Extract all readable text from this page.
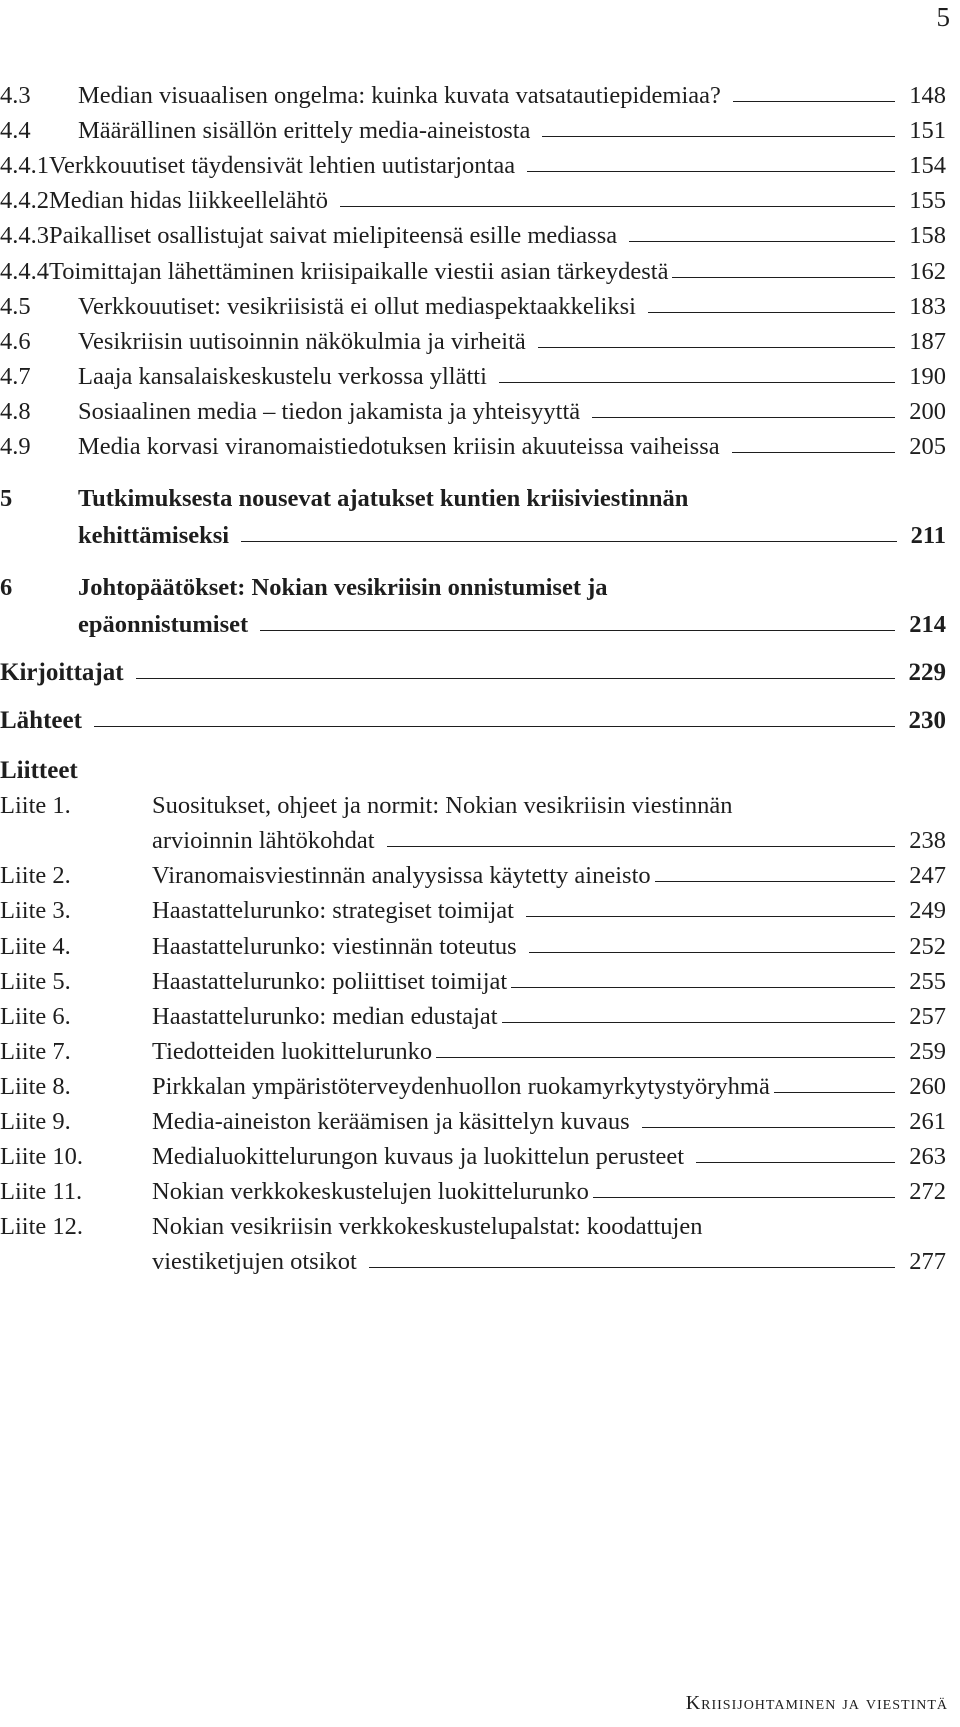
5
4.3	Median visuaalisen ongelma: kuinka kuvata vatsatautiepidemiaa?	148
4.4	Määrällinen sisällön erittely media-aineistosta	151
4.4.1 Verkkouutiset täydensivät lehtien uutistarjontaa	154
4.4.2 Median hidas liikkeellelähtö	155
4.4.3 Paikalliset osallistujat saivat mielipiteensä esille mediassa	158
4.4.4 Toimittajan lähettäminen kriisipaikalle viestii asian tärkeydestä	162
4.5	Verkkouutiset: vesikriisistä ei ollut mediaspektaakkeliksi	183
4.6	Vesikriisin uutisoinnin näkökulmia ja virheitä	187
4.7	Laaja kansalaiskeskustelu verkossa yllätti	190
4.8	Sosiaalinen media – tiedon jakamista ja yhteisyyttä	200
4.9	Media korvasi viranomaistiedotuksen kriisin akuuteissa vaiheissa	205
5	Tutkimuksesta nousevat ajatukset kuntien kriisiviestinnän
kehittämiseksi	211
6	Johtopäätökset: Nokian vesikriisin onnistumiset ja
epäonnistumiset	214
Kirjoittajat	229
Lähteet	230
Liitteet
Liite 1.	Suositukset, ohjeet ja normit: Nokian vesikriisin viestinnän
arvioinnin lähtökohdat	238
Liite 2.	Viranomaisviestinnän analyysissa käytetty aineisto	247
Liite 3.	Haastattelurunko: strategiset toimijat	249
Liite 4.	Haastattelurunko: viestinnän toteutus	252
Liite 5.	Haastattelurunko: poliittiset toimijat	255
Liite 6.	Haastattelurunko: median edustajat	257
Liite 7.	Tiedotteiden luokittelurunko	259
Liite 8.	Pirkkalan ympäristöterveydenhuollon ruokamyrkytystyöryhmä	260
Liite 9.	Media-aineiston keräämisen ja käsittelyn kuvaus	261
Liite 10.	Medialuokittelurungon kuvaus ja luokittelun perusteet	263
Liite 11.	Nokian verkkokeskustelujen luokittelurunko	272
Liite 12.	Nokian vesikriisin verkkokeskustelupalstat: koodattujen
viestiketjujen otsikot	277
Kriisijohtaminen ja viestintä
